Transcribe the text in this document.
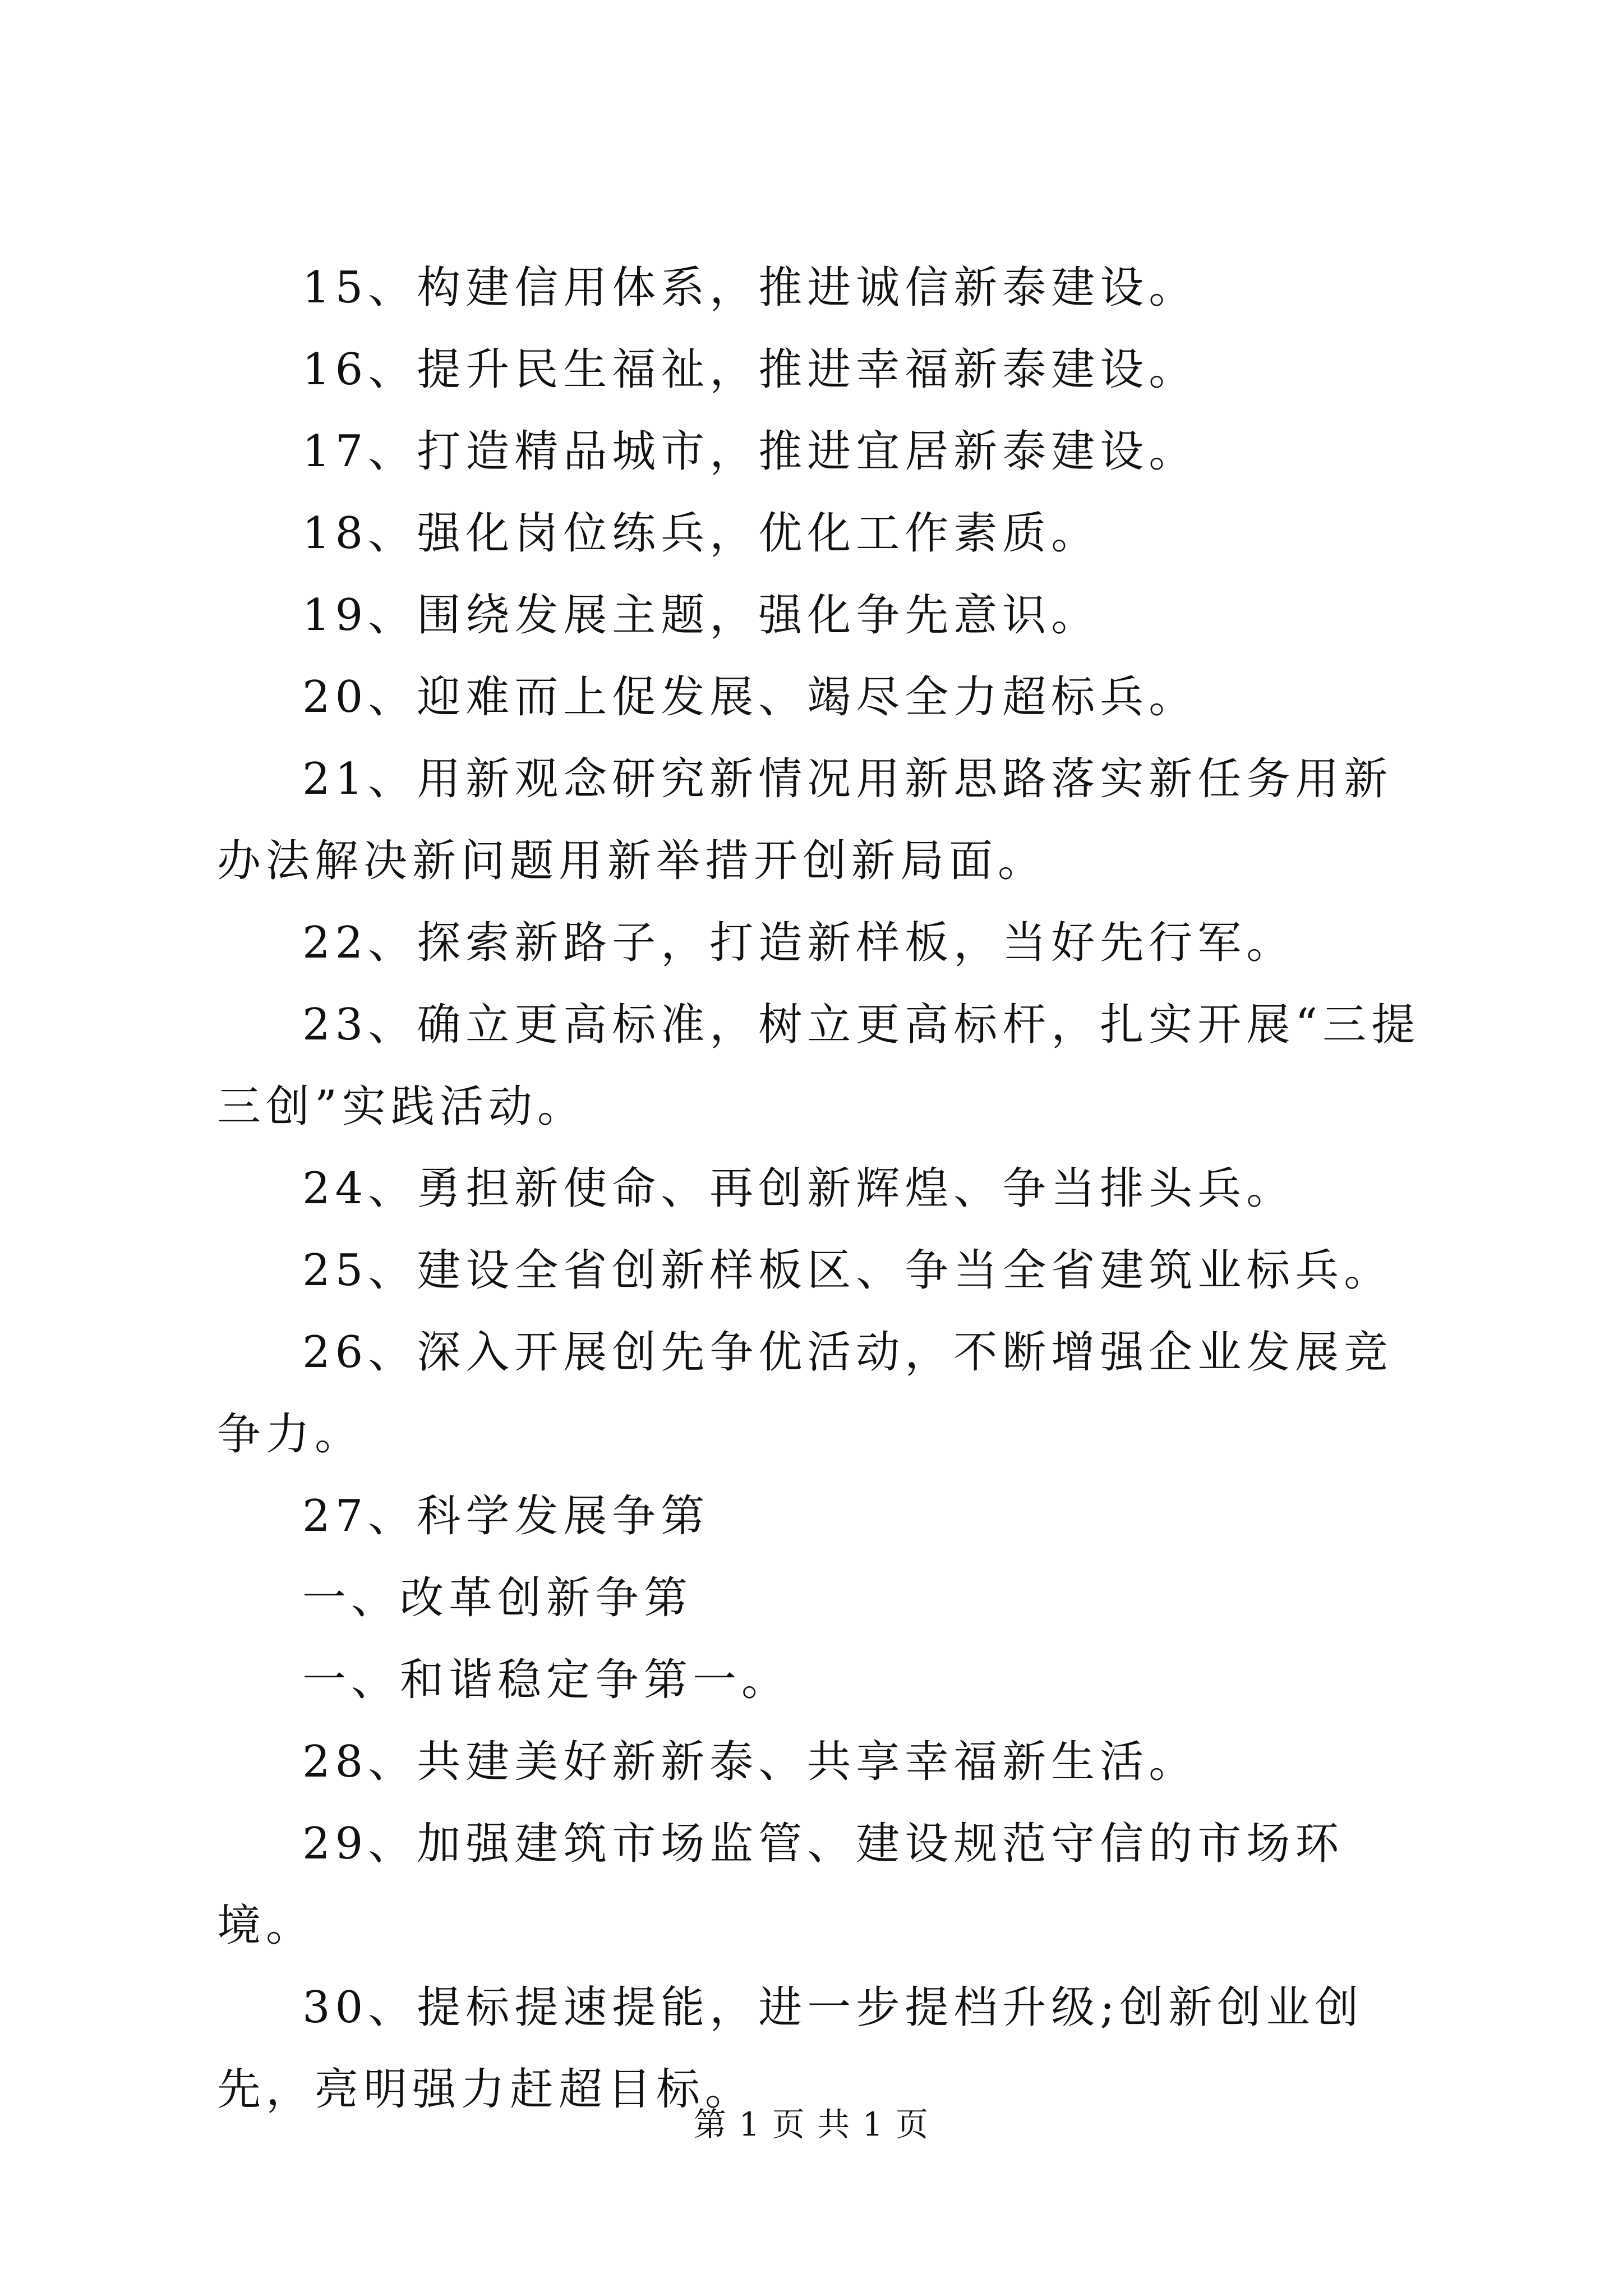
15、构建信用体系，推进诚信新泰建设。

16、提升民生福祉，推进幸福新泰建设。

17、打造精品城市，推进宜居新泰建设。

18、强化岗位练兵，优化工作素质。

19、围绕发展主题，强化争先意识。

20、迎难而上促发展、竭尽全力超标兵。

21、用新观念研究新情况用新思路落实新任务用新办法解决新问题用新举措开创新局面。

22、探索新路子，打造新样板，当好先行军。

23、确立更高标准，树立更高标杆，扎实开展“三提三创”实践活动。

24、勇担新使命、再创新辉煌、争当排头兵。

25、建设全省创新样板区、争当全省建筑业标兵。

26、深入开展创先争优活动，不断增强企业发展竞争力。

27、科学发展争第

一、改革创新争第

一、和谐稳定争第一。

28、共建美好新新泰、共享幸福新生活。

29、加强建筑市场监管、建设规范守信的市场环境。

30、提标提速提能，进一步提档升级;创新创业创先，亮明强力赶超目标。

第 1 页 共 1 页
